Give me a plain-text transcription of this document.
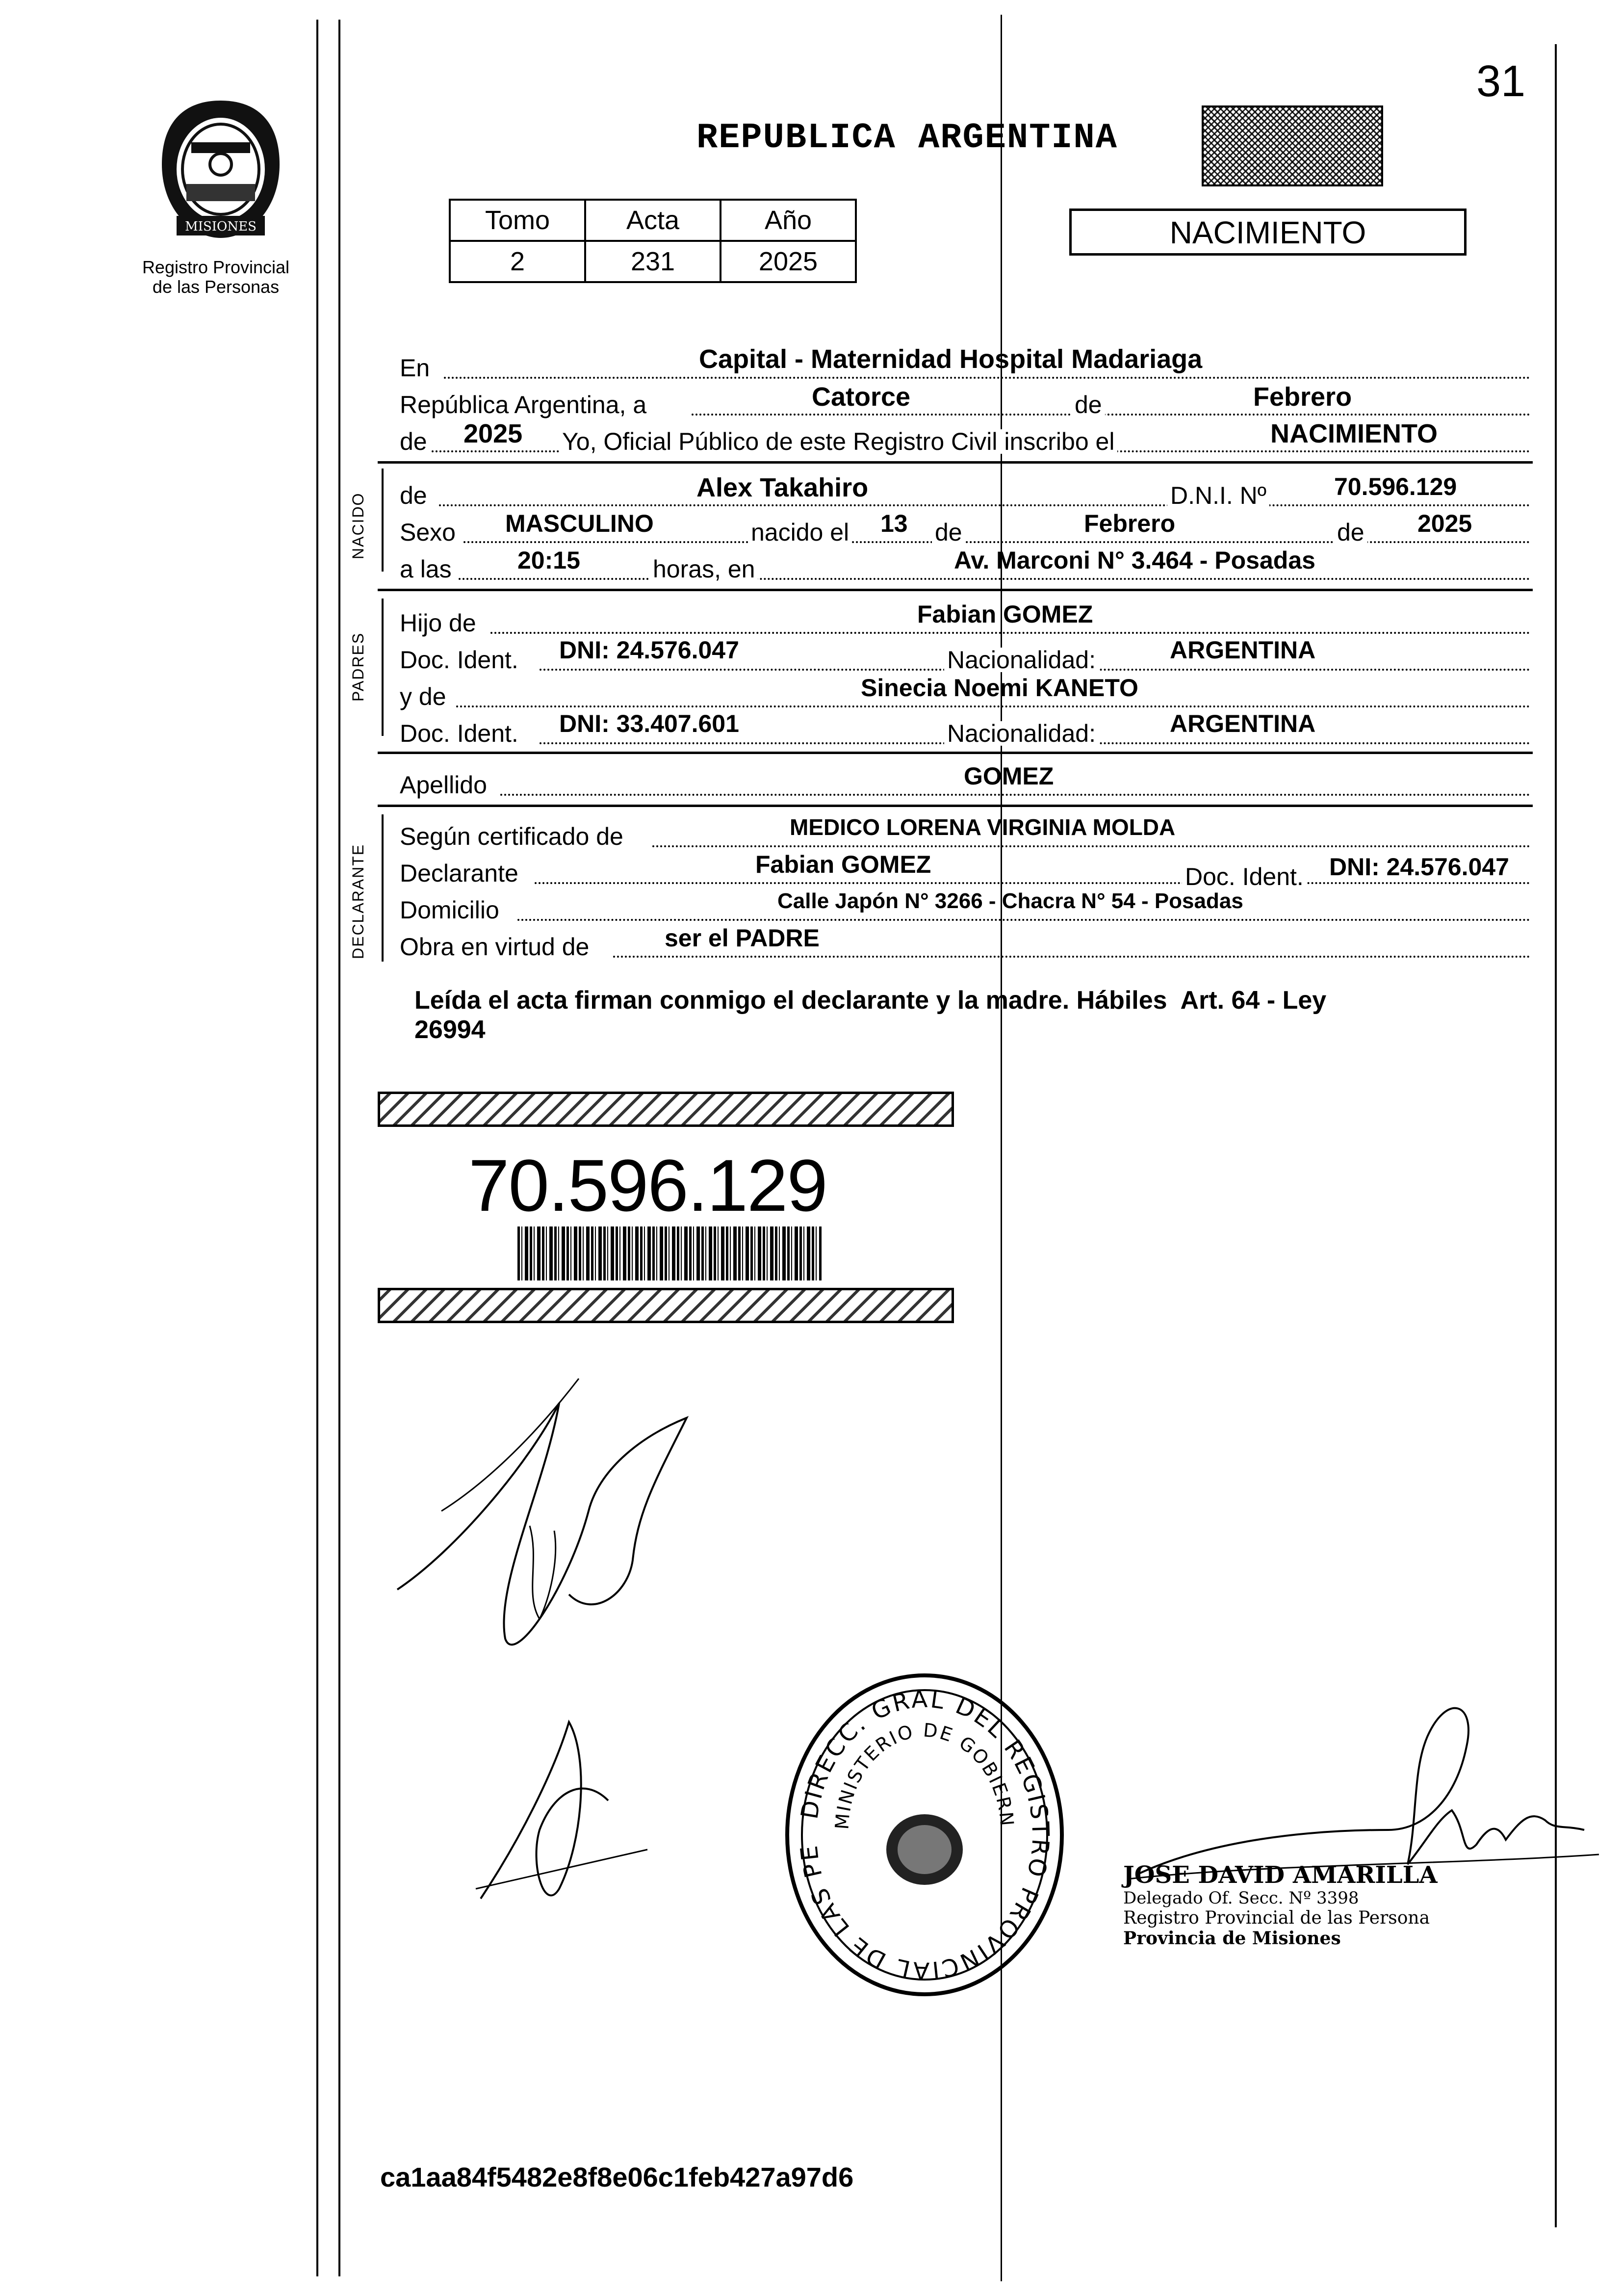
31
MISIONES
Registro Provincial
de las Personas
REPUBLICA ARGENTINA
NACIMIENTO
Tomo	Acta	Año
2	231	2025
En	Capital - Maternidad Hospital Madariaga
República Argentina, a	Catorce	de	Febrero
de 2025 Yo, Oficial Público de este Registro Civil inscribo el	NACIMIENTO
NACIDO de	Alex Takahiro	D.N.I. Nº	70.596.129
Sexo MASCULINO	nacido el 13 de	Febrero	de 2025
a las	20:15	horas, en	Av. Marconi N° 3.464 - Posadas
PADRES
Hijo de	Fabian GOMEZ
Doc. Ident. DNI: 24.576.047	Nacionalidad:	ARGENTINA
y de	Sinecia Noemi KANETO
Doc. Ident. DNI: 33.407.601	Nacionalidad:	ARGENTINA
Apellido	GOMEZ
DECLARANTE
Según certificado de	MEDICO LORENA VIRGINIA MOLDA
Declarante	Fabian GOMEZ	Doc. Ident. DNI: 24.576.047
Domicilio	Calle Japón N° 3266 - Chacra N° 54 - Posadas
Obra en virtud de	ser el PADRE
Leída el acta firman conmigo el declarante y la madre. Hábiles  Art. 64 - Ley
26994
70.596.129
DIRECC. GRAL DEL REGISTRO PROVINCIAL DE LAS PE
MINISTERIO DE GOBIERN
JOSE DAVID AMARILLA
Delegado Of. Secc. Nº 3398
Registro Provincial de las Persona
Provincia de Misiones
ca1aa84f5482e8f8e06c1feb427a97d6
